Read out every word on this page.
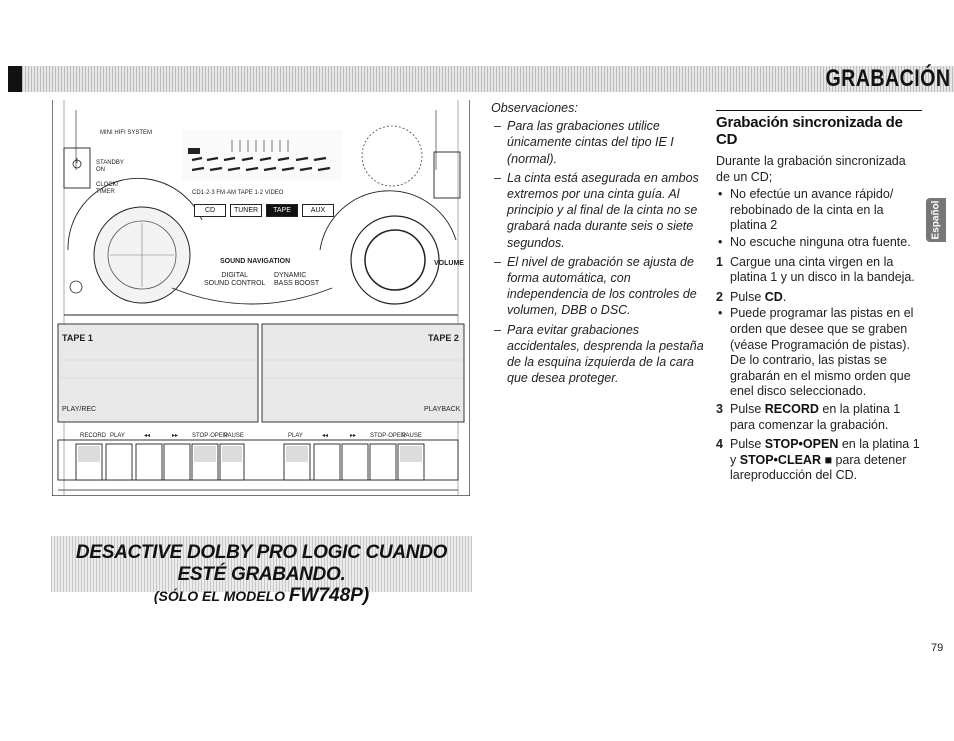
GRABACIÓN
MINI HIFI SYSTEM
STANDBY
ON
CLOCK/
TIMER	CD1·2·3 FM·AM TAPE 1·2 VIDEO
CD	TUNER	TAPE	AUX
SOUND NAVIGATION
DIGITAL
SOUND CONTROL
DYNAMIC
BASS BOOST
VOLUME
TAPE 1	TAPE 2
PLAY/REC	PLAYBACK
RECORD PLAY	◂◂	▸▸ STOP·OPEN
PAUSE	PLAY	◂◂	▸▸ STOP·OPEN
PAUSE

Observaciones:

– Para las grabaciones utilice únicamente cintas del tipo IE I (normal).
– La cinta está asegurada en ambos extremos por una cinta guía. Al principio y al final de la cinta no se grabará nada durante seis o siete segundos.
– El nivel de grabación se ajusta de forma automática, con independencia de los controles de volumen, DBB o DSC.
– Para evitar grabaciones accidentales, desprenda la pestaña de la esquina izquierda de la cara que desea proteger.
Grabación sincronizada de CD

Durante la grabación sincronizada de un CD;

• No efectúe un avance rápido/ rebobinado de la cinta en la platina 2
• No escuche ninguna otra fuente.
1 Cargue una cinta virgen en la platina 1 y un disco in la bandeja.
2 Pulse CD.
• Puede programar las pistas en el orden que desee que se graben (véase Programación de pistas). De lo contrario, las pistas se grabarán en el mismo orden que enel disco seleccionado.
3 Pulse RECORD en la platina 1 para comenzar la grabación.
4 Pulse STOP•OPEN en la platina 1 y STOP•CLEAR ■ para detener lareproducción del CD.
Español
DESACTIVE DOLBY PRO LOGIC CUANDO ESTÉ GRABANDO.
(SÓLO EL MODELO FW748P)
79
